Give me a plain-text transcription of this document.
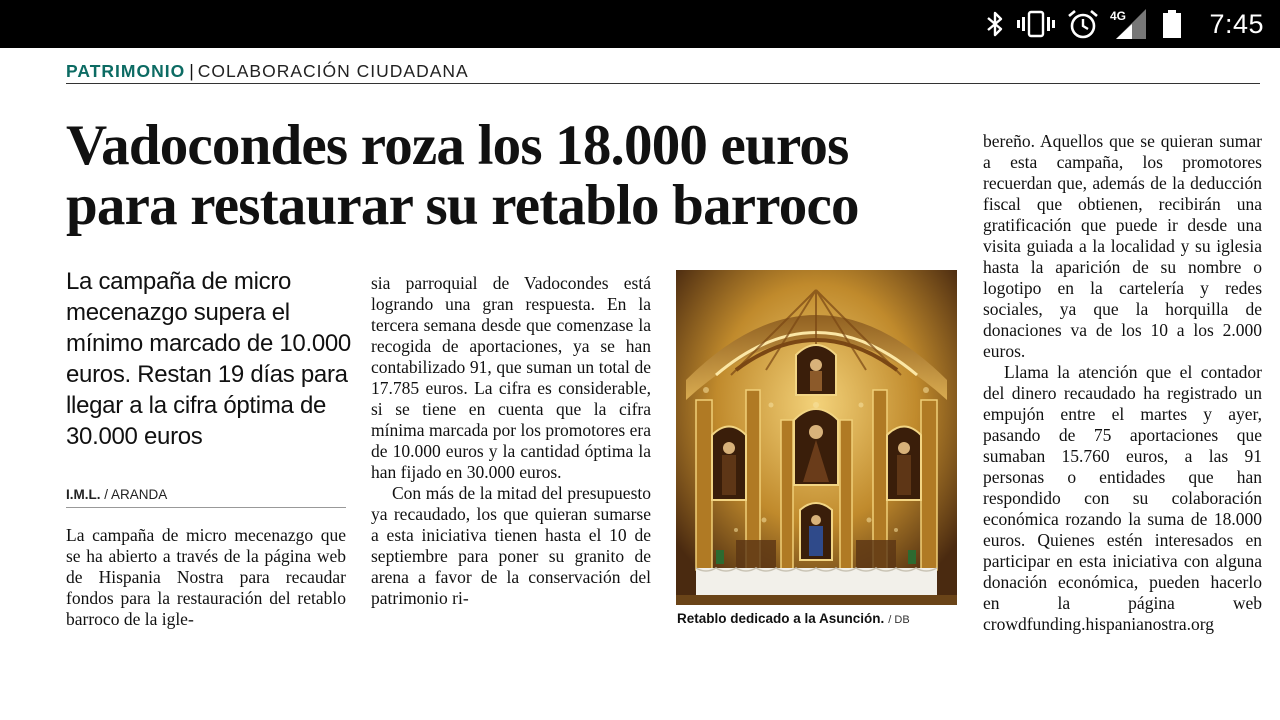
4G	7:45
PATRIMONIO | COLABORACIÓN CIUDADANA
Vadocondes roza los 18.000 euros
para restaurar su retablo barroco

La campaña de micro mecenazgo supera el mínimo marcado de 10.000 euros. Restan 19 días para llegar a la cifra óptima de 30.000 euros

I.M.L. / ARANDA

La campaña de micro mecenazgo que se ha abierto a través de la página web de Hispania Nostra para recaudar fondos para la restauración del retablo barroco de la igle-

sia parroquial de Vadocondes está logrando una gran respuesta. En la tercera semana desde que comenzase la recogida de aportaciones, ya se han contabilizado 91, que suman un total de 17.785 euros. La cifra es considerable, si se tiene en cuenta que la cifra mínima marcada por los promotores era de 10.000 euros y la cantidad óptima la han fijado en 30.000 euros.

Con más de la mitad del presupuesto ya recaudado, los que quieran sumarse a esta iniciativa tienen hasta el 10 de septiembre para poner su granito de arena a favor de la conservación del patrimonio ri-

Retablo dedicado a la Asunción. / DB

bereño. Aquellos que se quieran sumar a esta campaña, los promotores recuerdan que, además de la deducción fiscal que obtienen, recibirán una gratificación que puede ir desde una visita guiada a la localidad y su iglesia hasta la aparición de su nombre o logotipo en la cartelería y redes sociales, ya que la horquilla de donaciones va de los 10 a los 2.000 euros.

Llama la atención que el contador del dinero recaudado ha registrado un empujón entre el martes y ayer, pasando de 75 aportaciones que sumaban 15.760 euros, a las 91 personas o entidades que han respondido con su colaboración económica rozando la suma de 18.000 euros. Quienes estén interesados en participar en esta iniciativa con alguna donación económica, pueden hacerlo en la página web crowdfunding.hispanianostra.org
